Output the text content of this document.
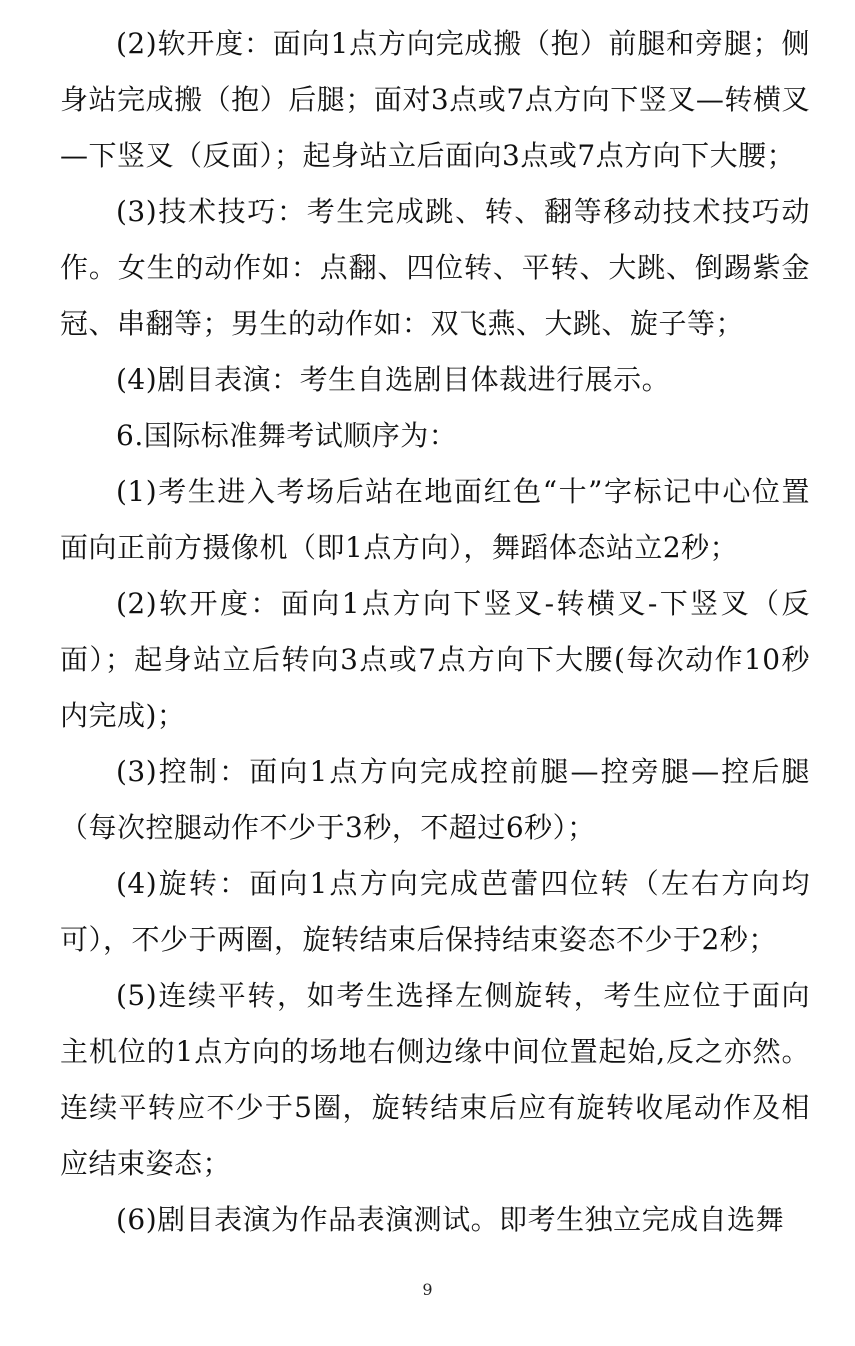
(2)软开度：面向1点方向完成搬（抱）前腿和旁腿；侧身站完成搬（抱）后腿；面对3点或7点方向下竖叉—转横叉—下竖叉（反面）；起身站立后面向3点或7点方向下大腰；

(3)技术技巧：考生完成跳、转、翻等移动技术技巧动作。女生的动作如：点翻、四位转、平转、大跳、倒踢紫金冠、串翻等；男生的动作如：双飞燕、大跳、旋子等；

(4)剧目表演：考生自选剧目体裁进行展示。

6.国际标准舞考试顺序为：

(1)考生进入考场后站在地面红色“十”字标记中心位置面向正前方摄像机（即1点方向），舞蹈体态站立2秒；

(2)软开度：面向1点方向下竖叉-转横叉-下竖叉（反面）；起身站立后转向3点或7点方向下大腰(每次动作10秒内完成)；

(3)控制：面向1点方向完成控前腿—控旁腿—控后腿（每次控腿动作不少于3秒，不超过6秒）；

(4)旋转：面向1点方向完成芭蕾四位转（左右方向均可），不少于两圈，旋转结束后保持结束姿态不少于2秒；

(5)连续平转，如考生选择左侧旋转，考生应位于面向主机位的1点方向的场地右侧边缘中间位置起始,反之亦然。连续平转应不少于5圈，旋转结束后应有旋转收尾动作及相应结束姿态；

(6)剧目表演为作品表演测试。即考生独立完成自选舞

9
